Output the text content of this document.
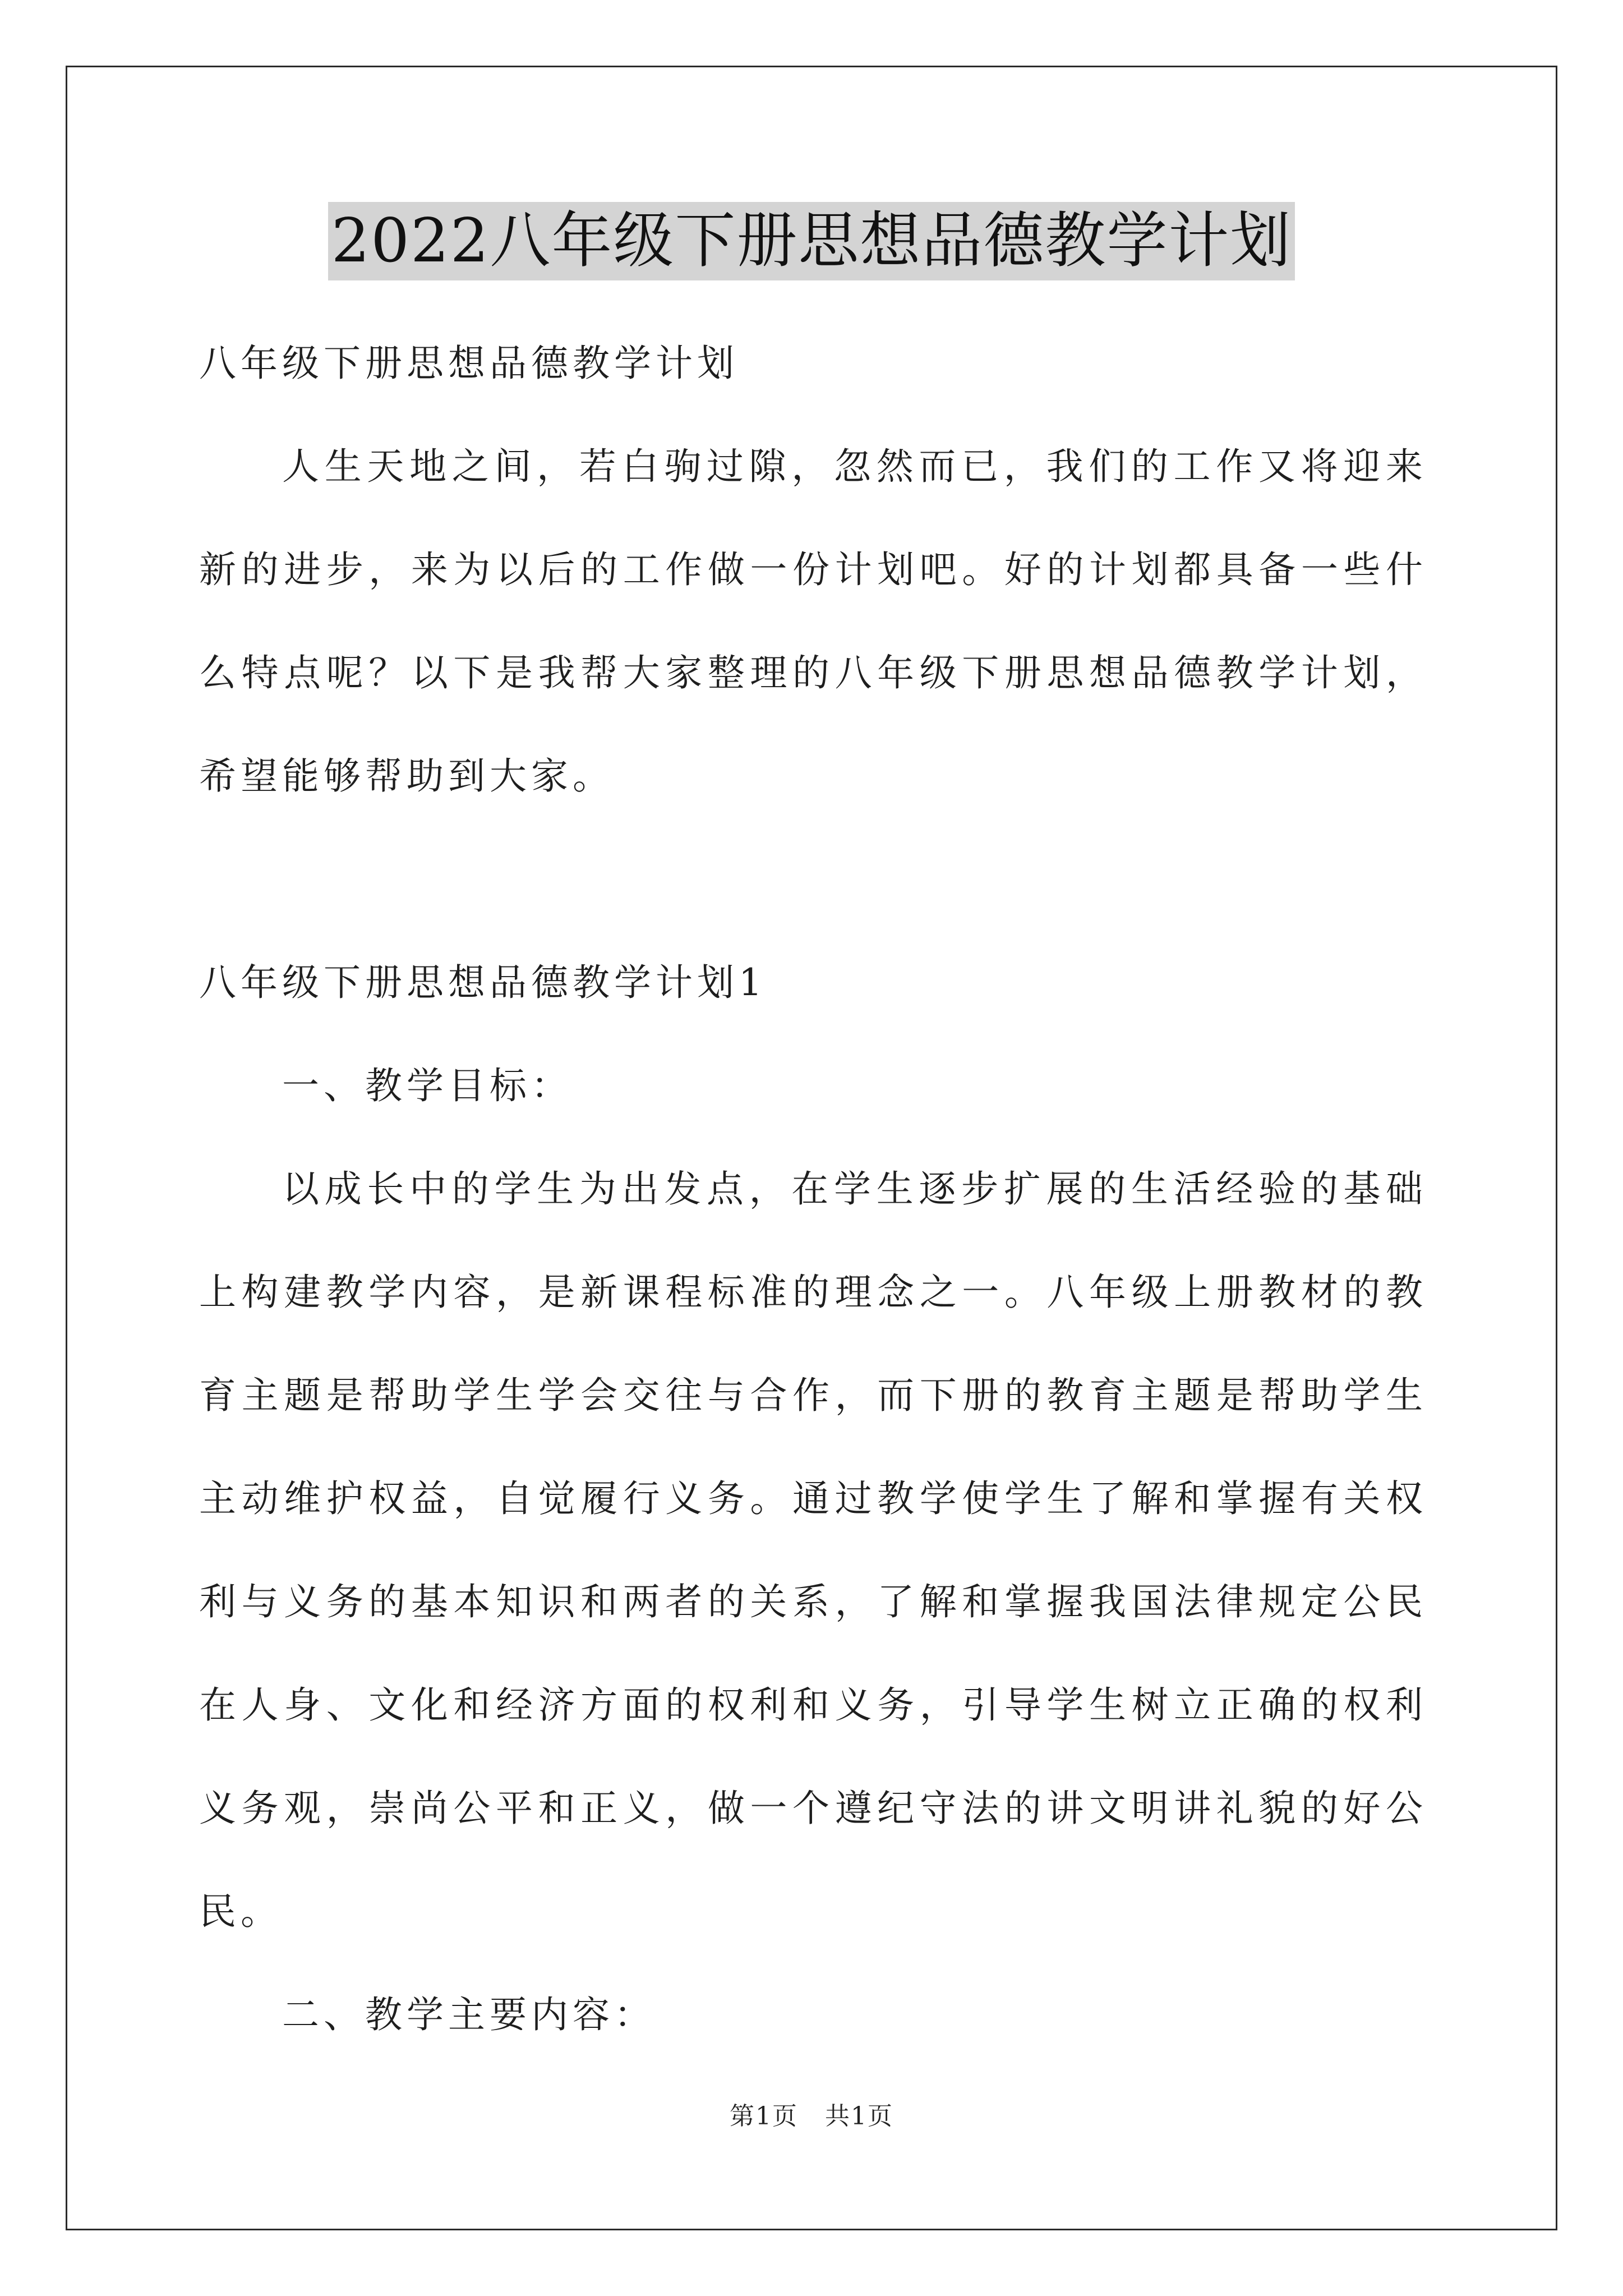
2022八年级下册思想品德教学计划

八年级下册思想品德教学计划

人生天地之间，若白驹过隙，忽然而已，我们的工作又将迎来新的进步，来为以后的工作做一份计划吧。好的计划都具备一些什么特点呢？以下是我帮大家整理的八年级下册思想品德教学计划，希望能够帮助到大家。

八年级下册思想品德教学计划1

一、教学目标：

以成长中的学生为出发点，在学生逐步扩展的生活经验的基础上构建教学内容，是新课程标准的理念之一。八年级上册教材的教育主题是帮助学生学会交往与合作，而下册的教育主题是帮助学生主动维护权益，自觉履行义务。通过教学使学生了解和掌握有关权利与义务的基本知识和两者的关系，了解和掌握我国法律规定公民在人身、文化和经济方面的权利和义务，引导学生树立正确的权利义务观，崇尚公平和正义，做一个遵纪守法的讲文明讲礼貌的好公民。

二、教学主要内容：

第1页 共1页
